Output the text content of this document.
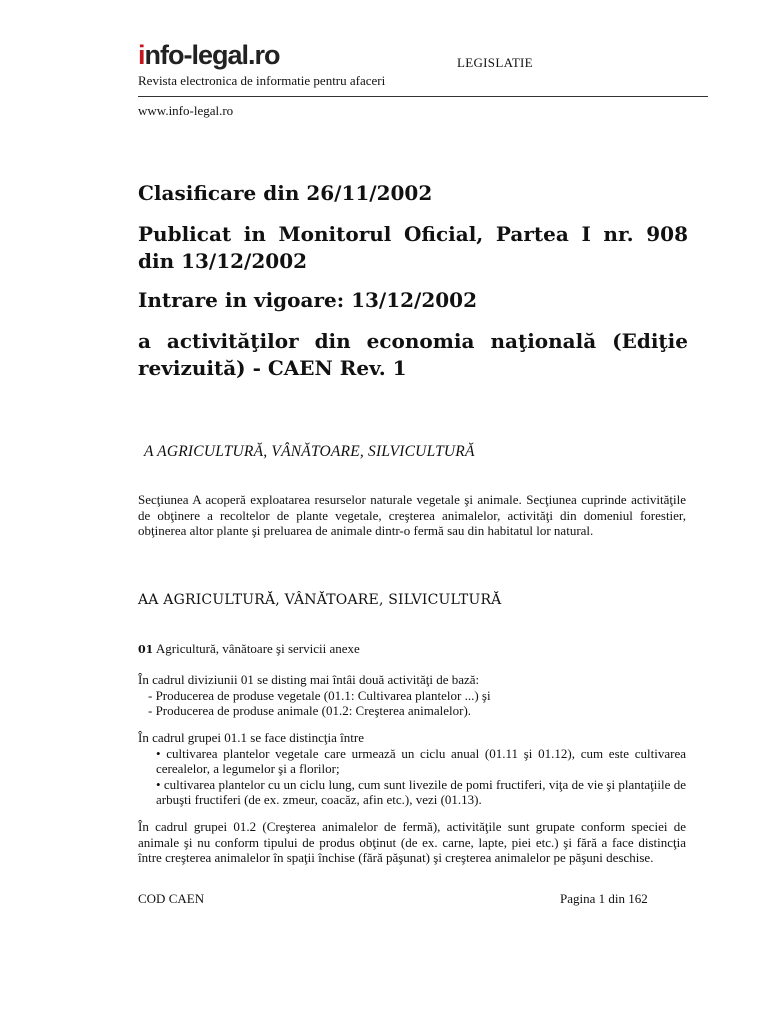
info-legal.ro
Revista electronica de informatie pentru afaceri
LEGISLATIE
www.info-legal.ro

Clasificare din 26/11/2002

Publicat in Monitorul Oficial, Partea I nr. 908 din 13/12/2002

Intrare in vigoare: 13/12/2002

a activităţilor din economia naţională (Ediţie revizuită) - CAEN Rev. 1

A AGRICULTURĂ, VÂNĂTOARE, SILVICULTURĂ

Secţiunea A acoperă exploatarea resurselor naturale vegetale şi animale. Secţiunea cuprinde activităţile de obţinere a recoltelor de plante vegetale, creşterea animalelor, activităţi din domeniul forestier, obţinerea altor plante şi preluarea de animale dintr-o fermă sau din habitatul lor natural.

AA AGRICULTURĂ, VÂNĂTOARE, SILVICULTURĂ
01 Agricultură, vânătoare şi servicii anexe
În cadrul diviziunii 01 se disting mai întâi două activităţi de bază:
- Producerea de produse vegetale (01.1: Cultivarea plantelor ...) şi
- Producerea de produse animale (01.2: Creşterea animalelor).
În cadrul grupei 01.1 se face distincţia între
• cultivarea plantelor vegetale care urmează un ciclu anual (01.11 şi 01.12), cum este cultivarea cerealelor, a legumelor şi a florilor;
• cultivarea plantelor cu un ciclu lung, cum sunt livezile de pomi fructiferi, viţa de vie şi plantaţiile de arbuşti fructiferi (de ex. zmeur, coacăz, afin etc.), vezi (01.13).

În cadrul grupei 01.2 (Creşterea animalelor de fermă), activităţile sunt grupate conform speciei de animale şi nu conform tipului de produs obţinut (de ex. carne, lapte, piei etc.) şi fără a face distincţia între creşterea animalelor în spaţii închise (fără păşunat) şi creşterea animalelor pe păşuni deschise.

COD CAEN	Pagina 1 din 162
